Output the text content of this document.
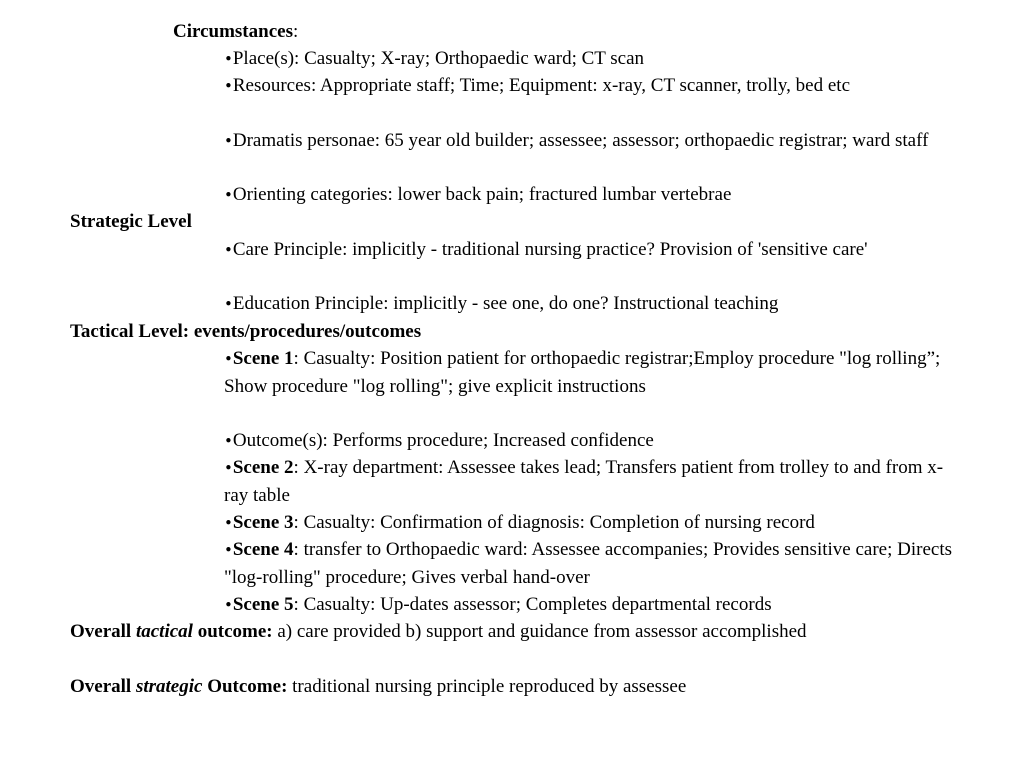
Circumstances:
•Place(s): Casualty; X-ray; Orthopaedic ward; CT scan
•Resources: Appropriate staff; Time; Equipment: x-ray, CT scanner, trolly, bed etc
•Dramatis personae: 65 year old builder; assessee; assessor; orthopaedic registrar; ward staff
•Orienting categories: lower back pain; fractured lumbar vertebrae
Strategic Level
•Care Principle: implicitly - traditional nursing practice? Provision of 'sensitive care'
•Education Principle: implicitly - see one, do one? Instructional teaching
Tactical Level: events/procedures/outcomes
•Scene 1: Casualty: Position patient for orthopaedic registrar;Employ procedure "log rolling”; Show procedure "log rolling"; give explicit instructions
•Outcome(s): Performs procedure; Increased confidence
•Scene 2: X-ray department: Assessee takes lead; Transfers patient from trolley to and from x-ray table
•Scene 3: Casualty: Confirmation of diagnosis: Completion of nursing record
•Scene 4: transfer to Orthopaedic ward: Assessee accompanies; Provides sensitive care; Directs "log-rolling" procedure; Gives verbal hand-over
•Scene 5: Casualty: Up-dates assessor; Completes departmental records
Overall tactical outcome: a) care provided b) support and guidance from assessor accomplished
Overall strategic Outcome: traditional nursing principle reproduced by assessee
